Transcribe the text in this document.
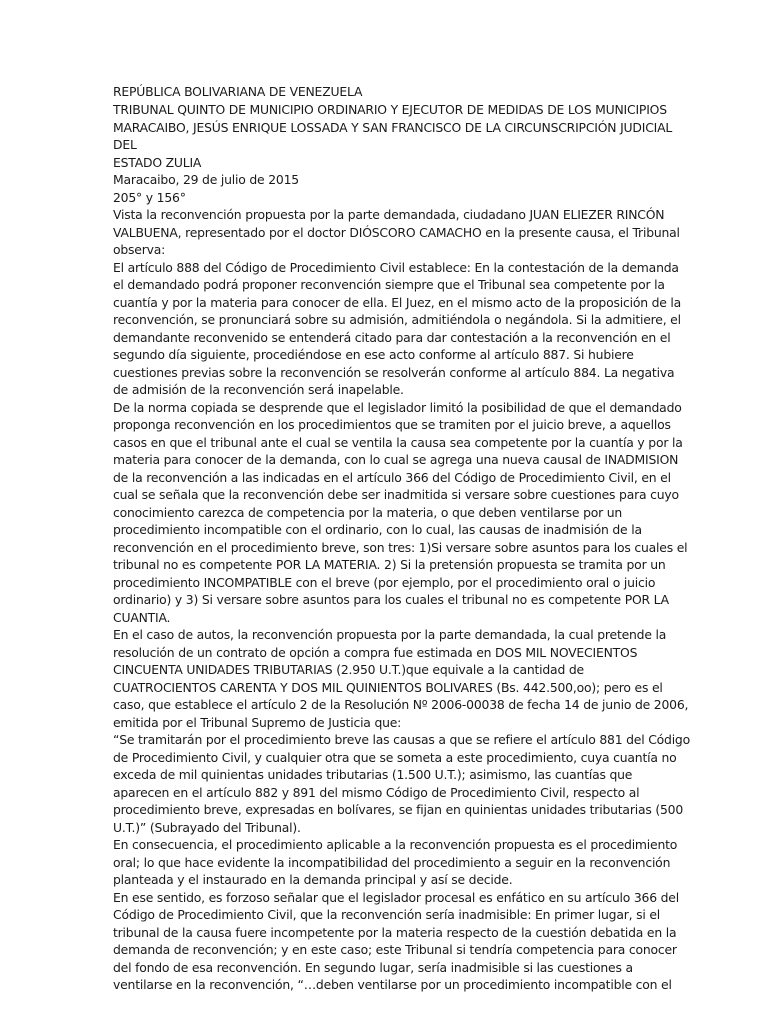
REPÚBLICA BOLIVARIANA DE VENEZUELA
TRIBUNAL QUINTO DE MUNICIPIO ORDINARIO Y EJECUTOR DE MEDIDAS DE LOS MUNICIPIOS
MARACAIBO, JESÚS ENRIQUE LOSSADA Y SAN FRANCISCO DE LA CIRCUNSCRIPCIÓN JUDICIAL
DEL
ESTADO ZULIA
Maracaibo, 29 de julio de 2015
205° y 156°
Vista la reconvención propuesta por la parte demandada, ciudadano JUAN ELIEZER RINCÓN
VALBUENA, representado por el doctor DIÓSCORO CAMACHO en la presente causa, el Tribunal
observa:
El artículo 888 del Código de Procedimiento Civil establece: En la contestación de la demanda
el demandado podrá proponer reconvención siempre que el Tribunal sea competente por la
cuantía y por la materia para conocer de ella. El Juez, en el mismo acto de la proposición de la
reconvención, se pronunciará sobre su admisión, admitiéndola o negándola. Si la admitiere, el
demandante reconvenido se entenderá citado para dar contestación a la reconvención en el
segundo día siguiente, procediéndose en ese acto conforme al artículo 887. Si hubiere
cuestiones previas sobre la reconvención se resolverán conforme al artículo 884. La negativa
de admisión de la reconvención será inapelable.
De la norma copiada se desprende que el legislador limitó la posibilidad de que el demandado
proponga reconvención en los procedimientos que se tramiten por el juicio breve, a aquellos
casos en que el tribunal ante el cual se ventila la causa sea competente por la cuantía y por la
materia para conocer de la demanda, con lo cual se agrega una nueva causal de INADMISION
de la reconvención a las indicadas en el artículo 366 del Código de Procedimiento Civil, en el
cual se señala que la reconvención debe ser inadmitida si versare sobre cuestiones para cuyo
conocimiento carezca de competencia por la materia, o que deben ventilarse por un
procedimiento incompatible con el ordinario, con lo cual, las causas de inadmisión de la
reconvención en el procedimiento breve, son tres: 1)Si versare sobre asuntos para los cuales el
tribunal no es competente POR LA MATERIA. 2) Si la pretensión propuesta se tramita por un
procedimiento INCOMPATIBLE con el breve (por ejemplo, por el procedimiento oral o juicio
ordinario) y 3) Si versare sobre asuntos para los cuales el tribunal no es competente POR LA
CUANTIA.
En el caso de autos, la reconvención propuesta por la parte demandada, la cual pretende la
resolución de un contrato de opción a compra fue estimada en DOS MIL NOVECIENTOS
CINCUENTA UNIDADES TRIBUTARIAS (2.950 U.T.)que equivale a la cantidad de
CUATROCIENTOS CARENTA Y DOS MIL QUINIENTOS BOLIVARES (Bs. 442.500,oo); pero es el
caso, que establece el artículo 2 de la Resolución Nº 2006-00038 de fecha 14 de junio de 2006,
emitida por el Tribunal Supremo de Justicia que:
“Se tramitarán por el procedimiento breve las causas a que se refiere el artículo 881 del Código
de Procedimiento Civil, y cualquier otra que se someta a este procedimiento, cuya cuantía no
exceda de mil quinientas unidades tributarias (1.500 U.T.); asimismo, las cuantías que
aparecen en el artículo 882 y 891 del mismo Código de Procedimiento Civil, respecto al
procedimiento breve, expresadas en bolívares, se fijan en quinientas unidades tributarias (500
U.T.)” (Subrayado del Tribunal).
En consecuencia, el procedimiento aplicable a la reconvención propuesta es el procedimiento
oral; lo que hace evidente la incompatibilidad del procedimiento a seguir en la reconvención
planteada y el instaurado en la demanda principal y así se decide.
En ese sentido, es forzoso señalar que el legislador procesal es enfático en su artículo 366 del
Código de Procedimiento Civil, que la reconvención sería inadmisible: En primer lugar, si el
tribunal de la causa fuere incompetente por la materia respecto de la cuestión debatida en la
demanda de reconvención; y en este caso; este Tribunal si tendría competencia para conocer
del fondo de esa reconvención. En segundo lugar, sería inadmisible si las cuestiones a
ventilarse en la reconvención, “…deben ventilarse por un procedimiento incompatible con el
